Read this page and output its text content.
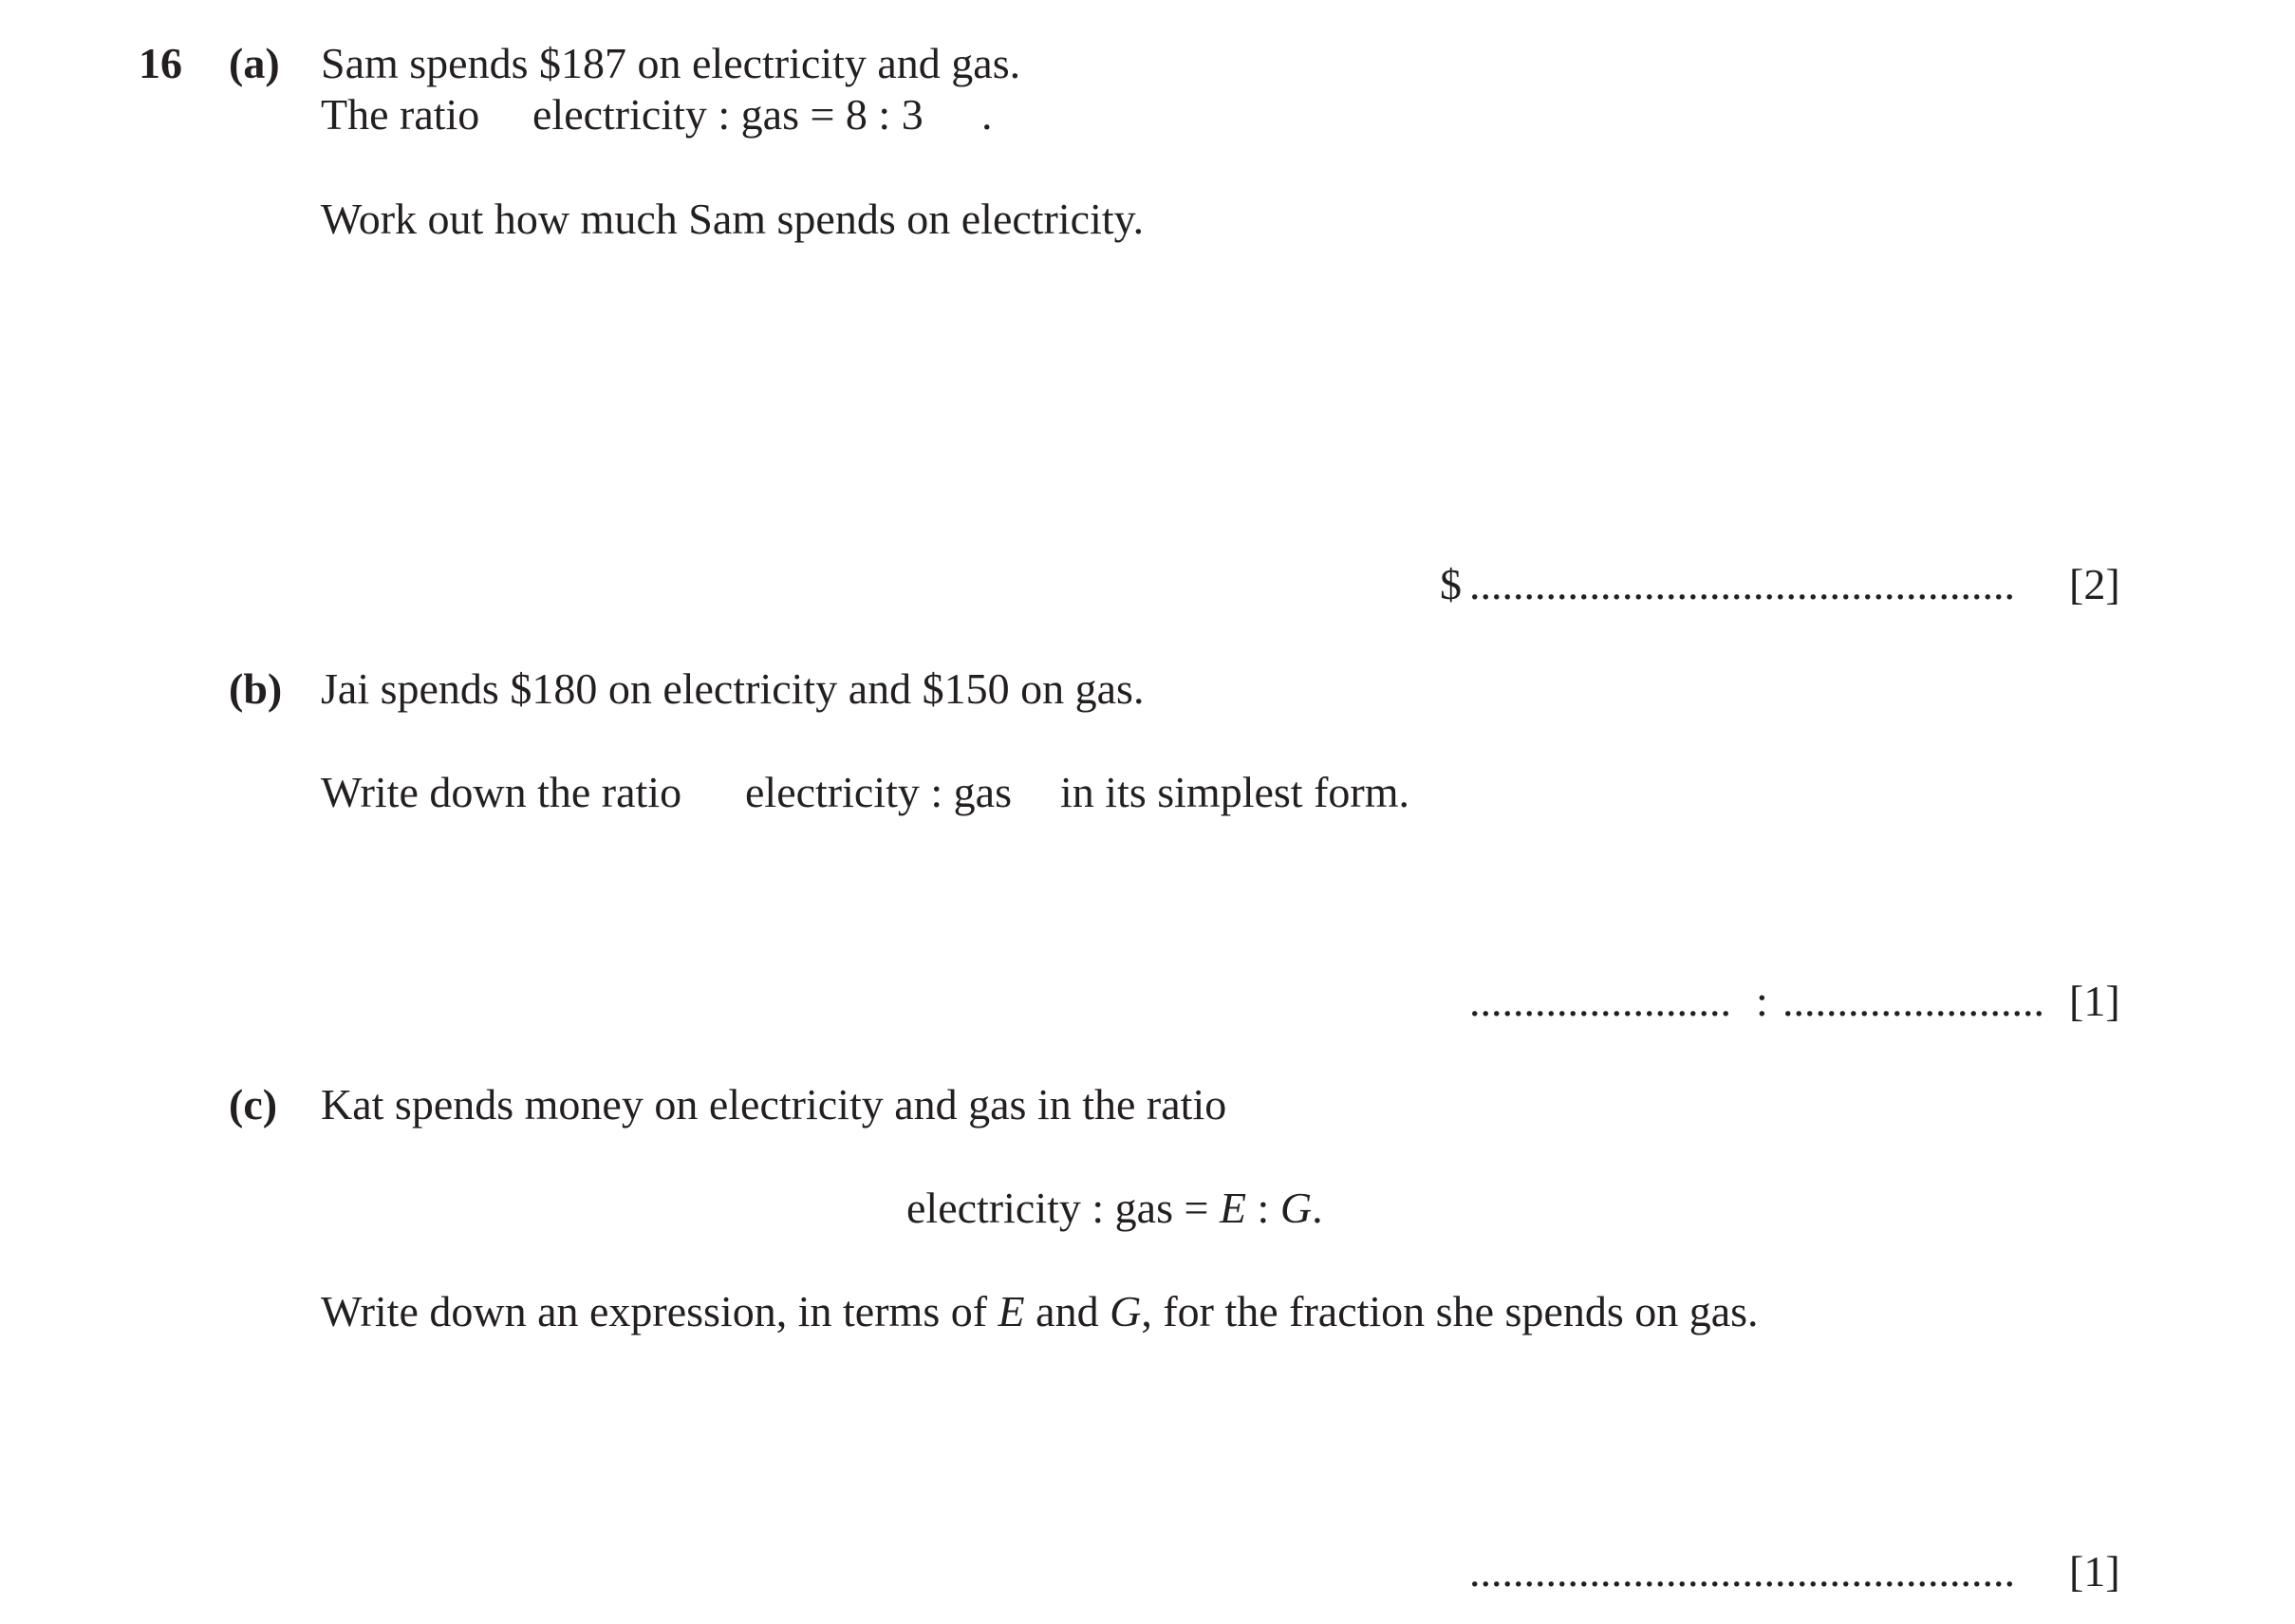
16 (a) Sam spends $187 on electricity and gas.
The ratio electricity : gas = 8 : 3 .
Work out how much Sam spends on electricity.
$ ..................................................	[2]
(b) Jai spends $180 on electricity and $150 on gas.
Write down the ratio electricity : gas in its simplest form.
........................ : ........................ [1]
(c) Kat spends money on electricity and gas in the ratio
electricity : gas = E : G.
Write down an expression, in terms of E and G, for the fraction she spends on gas.
..................................................	[1]
